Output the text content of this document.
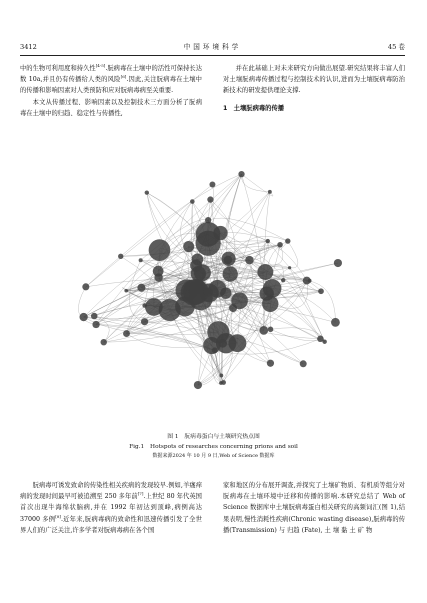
3412	中国环境科学	45 卷

中的生物可利用度和持久性[4-5].朊病毒在土壤中的活性可保持长达数 10a,并且仍有传播给人类的风险[6].因此,关注朊病毒在土壤中的传播和影响因素对人类预防和应对朊病毒病至关重要.

本文从传播过程、影响因素以及控制技术三方面分析了朊病毒在土壤中的归趋、稳定性与传播性,

并在此基础上对未来研究方向做出展望.研究结果将丰富人们对土壤朊病毒传播过程与控制技术的认识,进而为土壤朊病毒防治新技术的研发提供理论支撑.

1　土壤朊病毒的传播

图 1　朊病毒蛋白与土壤研究热点图
Fig.1　Hotspots of researches concerning prions and soil
数据来源2024 年 10 月 9 日,Web of Science 数据库

朊病毒可诱发致命的传染性相关疾病的发现较早.例如,羊瘙痒病的发现时间最早可被追溯至 250 多年前[7].上世纪 80 年代英国首次出现牛海绵状脑病,并在 1992 年初达到顶峰,病例高达 37000 多例[8].近年来,朊病毒病的致命性和迅速传播引发了全世界人们的广泛关注,许多学者对朊病毒病在各个国

家和地区的分布展开调查,并探究了土壤矿物质、有机质等组分对朊病毒在土壤环境中迁移和传播的影响.本研究总结了 Web of Science 数据库中土壤朊病毒蛋白相关研究的高频词汇(图 1),结果表明,慢性消耗性疾病(Chronic wasting disease),朊病毒的传播(Transmission) 与 归趋 (Fate), 土 壤 黏 土 矿 物
